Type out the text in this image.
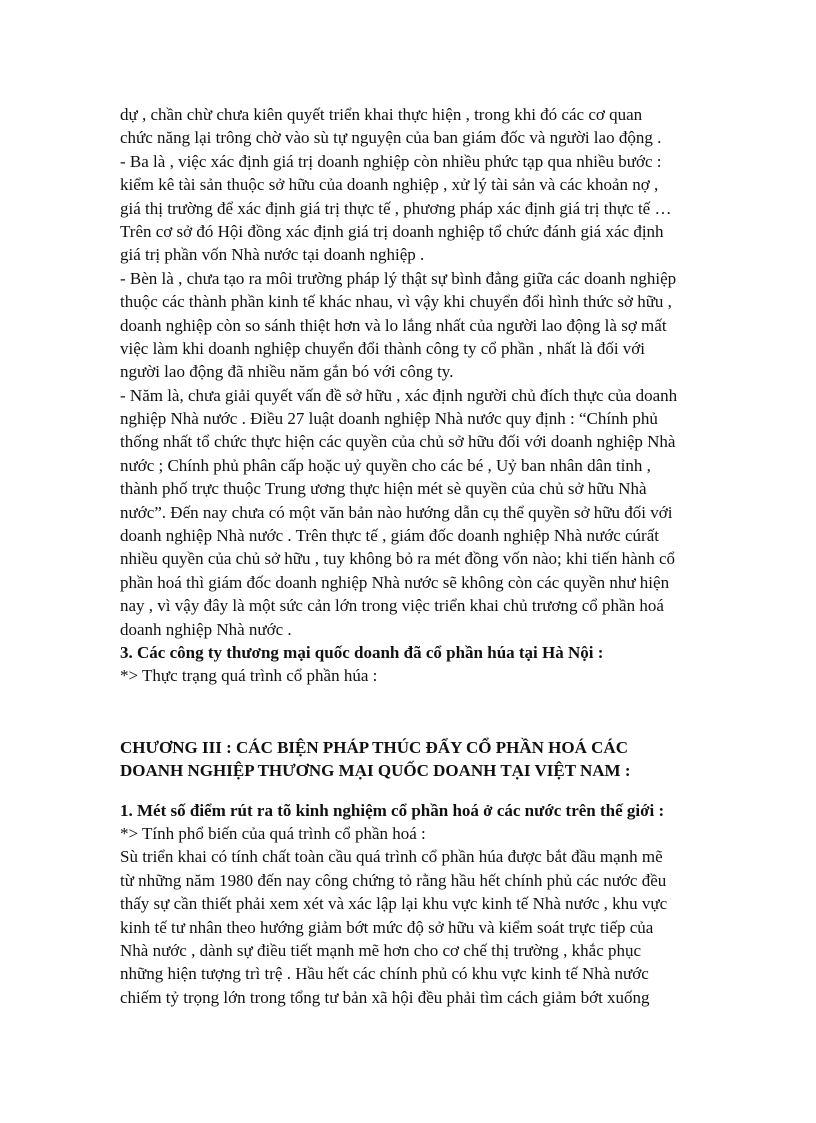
dự , chần chừ chưa kiên quyết triển khai thực hiện , trong khi đó các cơ quan
chức năng lại trông chờ vào sù tự nguyện của ban giám đốc và người lao động .
- Ba là , việc xác định giá trị doanh nghiệp còn nhiều phức tạp qua nhiều bước :
kiểm kê tài sản thuộc sở hữu của doanh nghiệp , xử lý tài sản và các khoản nợ ,
giá thị trường để xác định giá trị thực tế , phương pháp xác định giá trị thực tế …
Trên cơ sở đó Hội đồng xác định giá trị doanh nghiệp tổ chức đánh giá xác định
giá trị phần vốn Nhà nước tại doanh nghiệp .
- Bèn là , chưa tạo ra môi trường pháp lý thật sự bình đẳng giữa các doanh nghiệp
thuộc các thành phần kinh tế khác nhau, vì vậy khi chuyển đổi hình thức sở hữu ,
doanh nghiệp còn so sánh thiệt hơn và lo lắng nhất của người lao động là sợ mất
việc làm khi doanh nghiệp chuyển đổi thành công ty cổ phần , nhất là đối với
người lao động đã nhiều năm gắn bó với công ty.
- Năm là, chưa giải quyết vấn đề sở hữu , xác định người chủ đích thực của doanh
nghiệp Nhà nước . Điều 27 luật doanh nghiệp Nhà nước quy định : “Chính phủ
thống nhất tổ chức thực hiện các quyền của chủ sở hữu đối với doanh nghiệp Nhà
nước ; Chính phủ phân cấp hoặc uỷ quyền cho các bé , Uỷ ban nhân dân tỉnh ,
thành phố trực thuộc Trung ương thực hiện mét sè quyền của chủ sở hữu Nhà
nước”. Đến nay chưa có một văn bản nào hướng dẫn cụ thể quyền sở hữu đối với
doanh nghiệp Nhà nước . Trên thực tế , giám đốc doanh nghiệp Nhà nước cúrất
nhiều quyền của chủ sở hữu , tuy không bỏ ra mét đồng vốn nào; khi tiến hành cổ
phần hoá thì giám đốc doanh nghiệp Nhà nước sẽ không còn các quyền như hiện
nay , vì vậy đây là một sức cản lớn trong việc triển khai chủ trương cổ phần hoá
doanh nghiệp Nhà nước .
3. Các công ty thương mại quốc doanh đã cổ phần húa tại Hà Nội :
*> Thực trạng quá trình cổ phần húa :
CHƯƠNG III : CÁC BIỆN PHÁP THÚC ĐẨY CỔ PHẦN HOÁ CÁC
DOANH NGHIỆP THƯƠNG MẠI QUỐC DOANH TẠI VIỆT NAM :
1. Mét số điểm rút ra tõ kinh nghiệm cổ phần hoá ở các nước trên thế giới :
*> Tính phổ biến của quá trình cổ phần hoá :
Sù triển khai có tính chất toàn cầu quá trình cổ phần húa được bắt đầu mạnh mẽ
từ những năm 1980 đến nay công chứng tỏ rằng hầu hết chính phủ các nước đều
thấy sự cần thiết phải xem xét và xác lập lại khu vực kinh tế Nhà nước , khu vực
kinh tế tư nhân theo hướng giảm bớt mức độ sở hữu và kiểm soát trực tiếp của
Nhà nước , dành sự điều tiết mạnh mẽ hơn cho cơ chế thị trường , khắc phục
những hiện tượng trì trệ . Hầu hết các chính phủ có khu vực kinh tế Nhà nước
chiếm tỷ trọng lớn trong tổng tư bản xã hội đều phải tìm cách giảm bớt xuống
